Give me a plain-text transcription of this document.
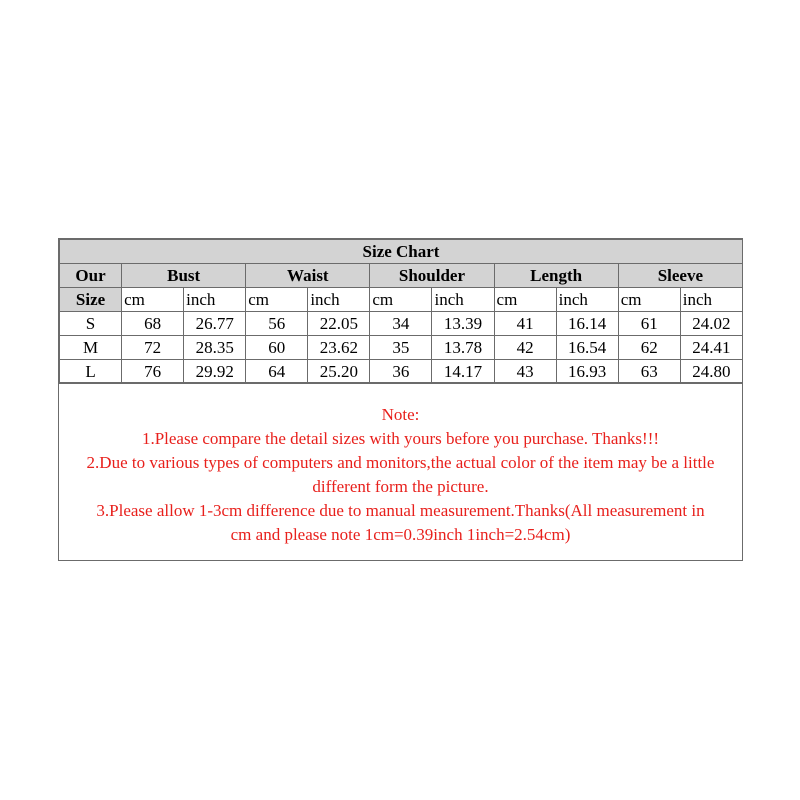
Size Chart										
Our	Bust		Waist		Shoulder		Length		Sleeve	
Size	cm	inch	cm	inch	cm	inch	cm	inch	cm	inch
S	68	26.77	56	22.05	34	13.39	41	16.14	61	24.02
M	72	28.35	60	23.62	35	13.78	42	16.54	62	24.41
L	76	29.92	64	25.20	36	14.17	43	16.93	63	24.80
Note:
1.Please compare the detail sizes with yours before you purchase. Thanks!!!
2.Due to various types of computers and monitors,the actual color of the item may be a little
different form the picture.
3.Please allow 1-3cm difference due to manual measurement.Thanks(All measurement in
cm and please note 1cm=0.39inch 1inch=2.54cm)
